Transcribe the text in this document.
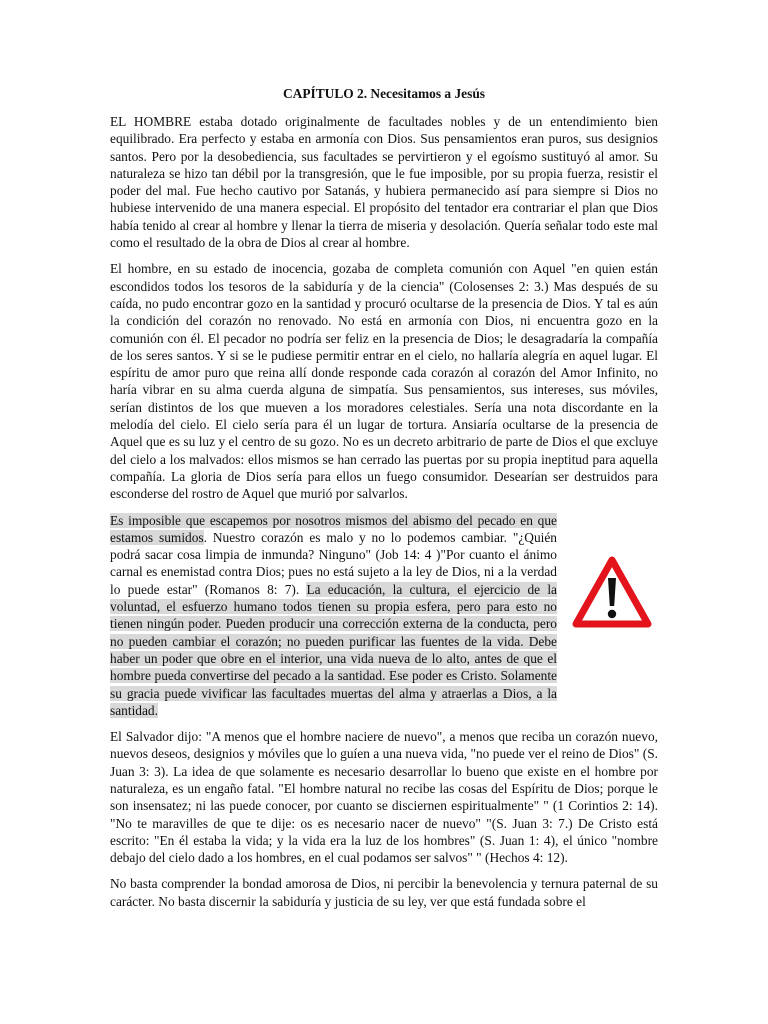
CAPÍTULO 2. Necesitamos a Jesús

EL HOMBRE estaba dotado originalmente de facultades nobles y de un entendimiento bien equilibrado. Era perfecto y estaba en armonía con Dios. Sus pensamientos eran puros, sus designios santos. Pero por la desobediencia, sus facultades se pervirtieron y el egoísmo sustituyó al amor. Su naturaleza se hizo tan débil por la transgresión, que le fue imposible, por su propia fuerza, resistir el poder del mal. Fue hecho cautivo por Satanás, y hubiera permanecido así para siempre si Dios no hubiese intervenido de una manera especial. El propósito del tentador era contrariar el plan que Dios había tenido al crear al hombre y llenar la tierra de miseria y desolación. Quería señalar todo este mal como el resultado de la obra de Dios al crear al hombre.

El hombre, en su estado de inocencia, gozaba de completa comunión con Aquel "en quien están escondidos todos los tesoros de la sabiduría y de la ciencia" (Colosenses 2: 3.) Mas después de su caída, no pudo encontrar gozo en la santidad y procuró ocultarse de la presencia de Dios. Y tal es aún la condición del corazón no renovado. No está en armonía con Dios, ni encuentra gozo en la comunión con él. El pecador no podría ser feliz en la presencia de Dios; le desagradaría la compañía de los seres santos. Y si se le pudiese permitir entrar en el cielo, no hallaría alegría en aquel lugar. El espíritu de amor puro que reina allí donde responde cada corazón al corazón del Amor Infinito, no haría vibrar en su alma cuerda alguna de simpatía. Sus pensamientos, sus intereses, sus móviles, serían distintos de los que mueven a los moradores celestiales. Sería una nota discordante en la melodía del cielo. El cielo sería para él un lugar de tortura. Ansiaría ocultarse de la presencia de Aquel que es su luz y el centro de su gozo. No es un decreto arbitrario de parte de Dios el que excluye del cielo a los malvados: ellos mismos se han cerrado las puertas por su propia ineptitud para aquella compañía. La gloria de Dios sería para ellos un fuego consumidor. Desearían ser destruidos para esconderse del rostro de Aquel que murió por salvarlos.

Es imposible que escapemos por nosotros mismos del abismo del pecado en que estamos sumidos. Nuestro corazón es malo y no lo podemos cambiar. "¿Quién podrá sacar cosa limpia de inmunda? Ninguno" (Job 14: 4 )"Por cuanto el ánimo carnal es enemistad contra Dios; pues no está sujeto a la ley de Dios, ni a la verdad lo puede estar" (Romanos 8: 7). La educación, la cultura, el ejercicio de la voluntad, el esfuerzo humano todos tienen su propia esfera, pero para esto no tienen ningún poder. Pueden producir una corrección externa de la conducta, pero no pueden cambiar el corazón; no pueden purificar las fuentes de la vida. Debe haber un poder que obre en el interior, una vida nueva de lo alto, antes de que el hombre pueda convertirse del pecado a la santidad. Ese poder es Cristo. Solamente su gracia puede vivificar las facultades muertas del alma y atraerlas a Dios, a la santidad.

El Salvador dijo: "A menos que el hombre naciere de nuevo", a menos que reciba un corazón nuevo, nuevos deseos, designios y móviles que lo guíen a una nueva vida, "no puede ver el reino de Dios" (S. Juan 3: 3). La idea de que solamente es necesario desarrollar lo bueno que existe en el hombre por naturaleza, es un engaño fatal. "El hombre natural no recibe las cosas del Espíritu de Dios; porque le son insensatez; ni las puede conocer, por cuanto se disciernen espiritualmente" " (1 Corintios 2: 14). "No te maravilles de que te dije: os es necesario nacer de nuevo" "(S. Juan 3: 7.) De Cristo está escrito: "En él estaba la vida; y la vida era la luz de los hombres" (S. Juan 1: 4), el único "nombre debajo del cielo dado a los hombres, en el cual podamos ser salvos" " (Hechos 4: 12).

No basta comprender la bondad amorosa de Dios, ni percibir la benevolencia y ternura paternal de su carácter. No basta discernir la sabiduría y justicia de su ley, ver que está fundada sobre el
